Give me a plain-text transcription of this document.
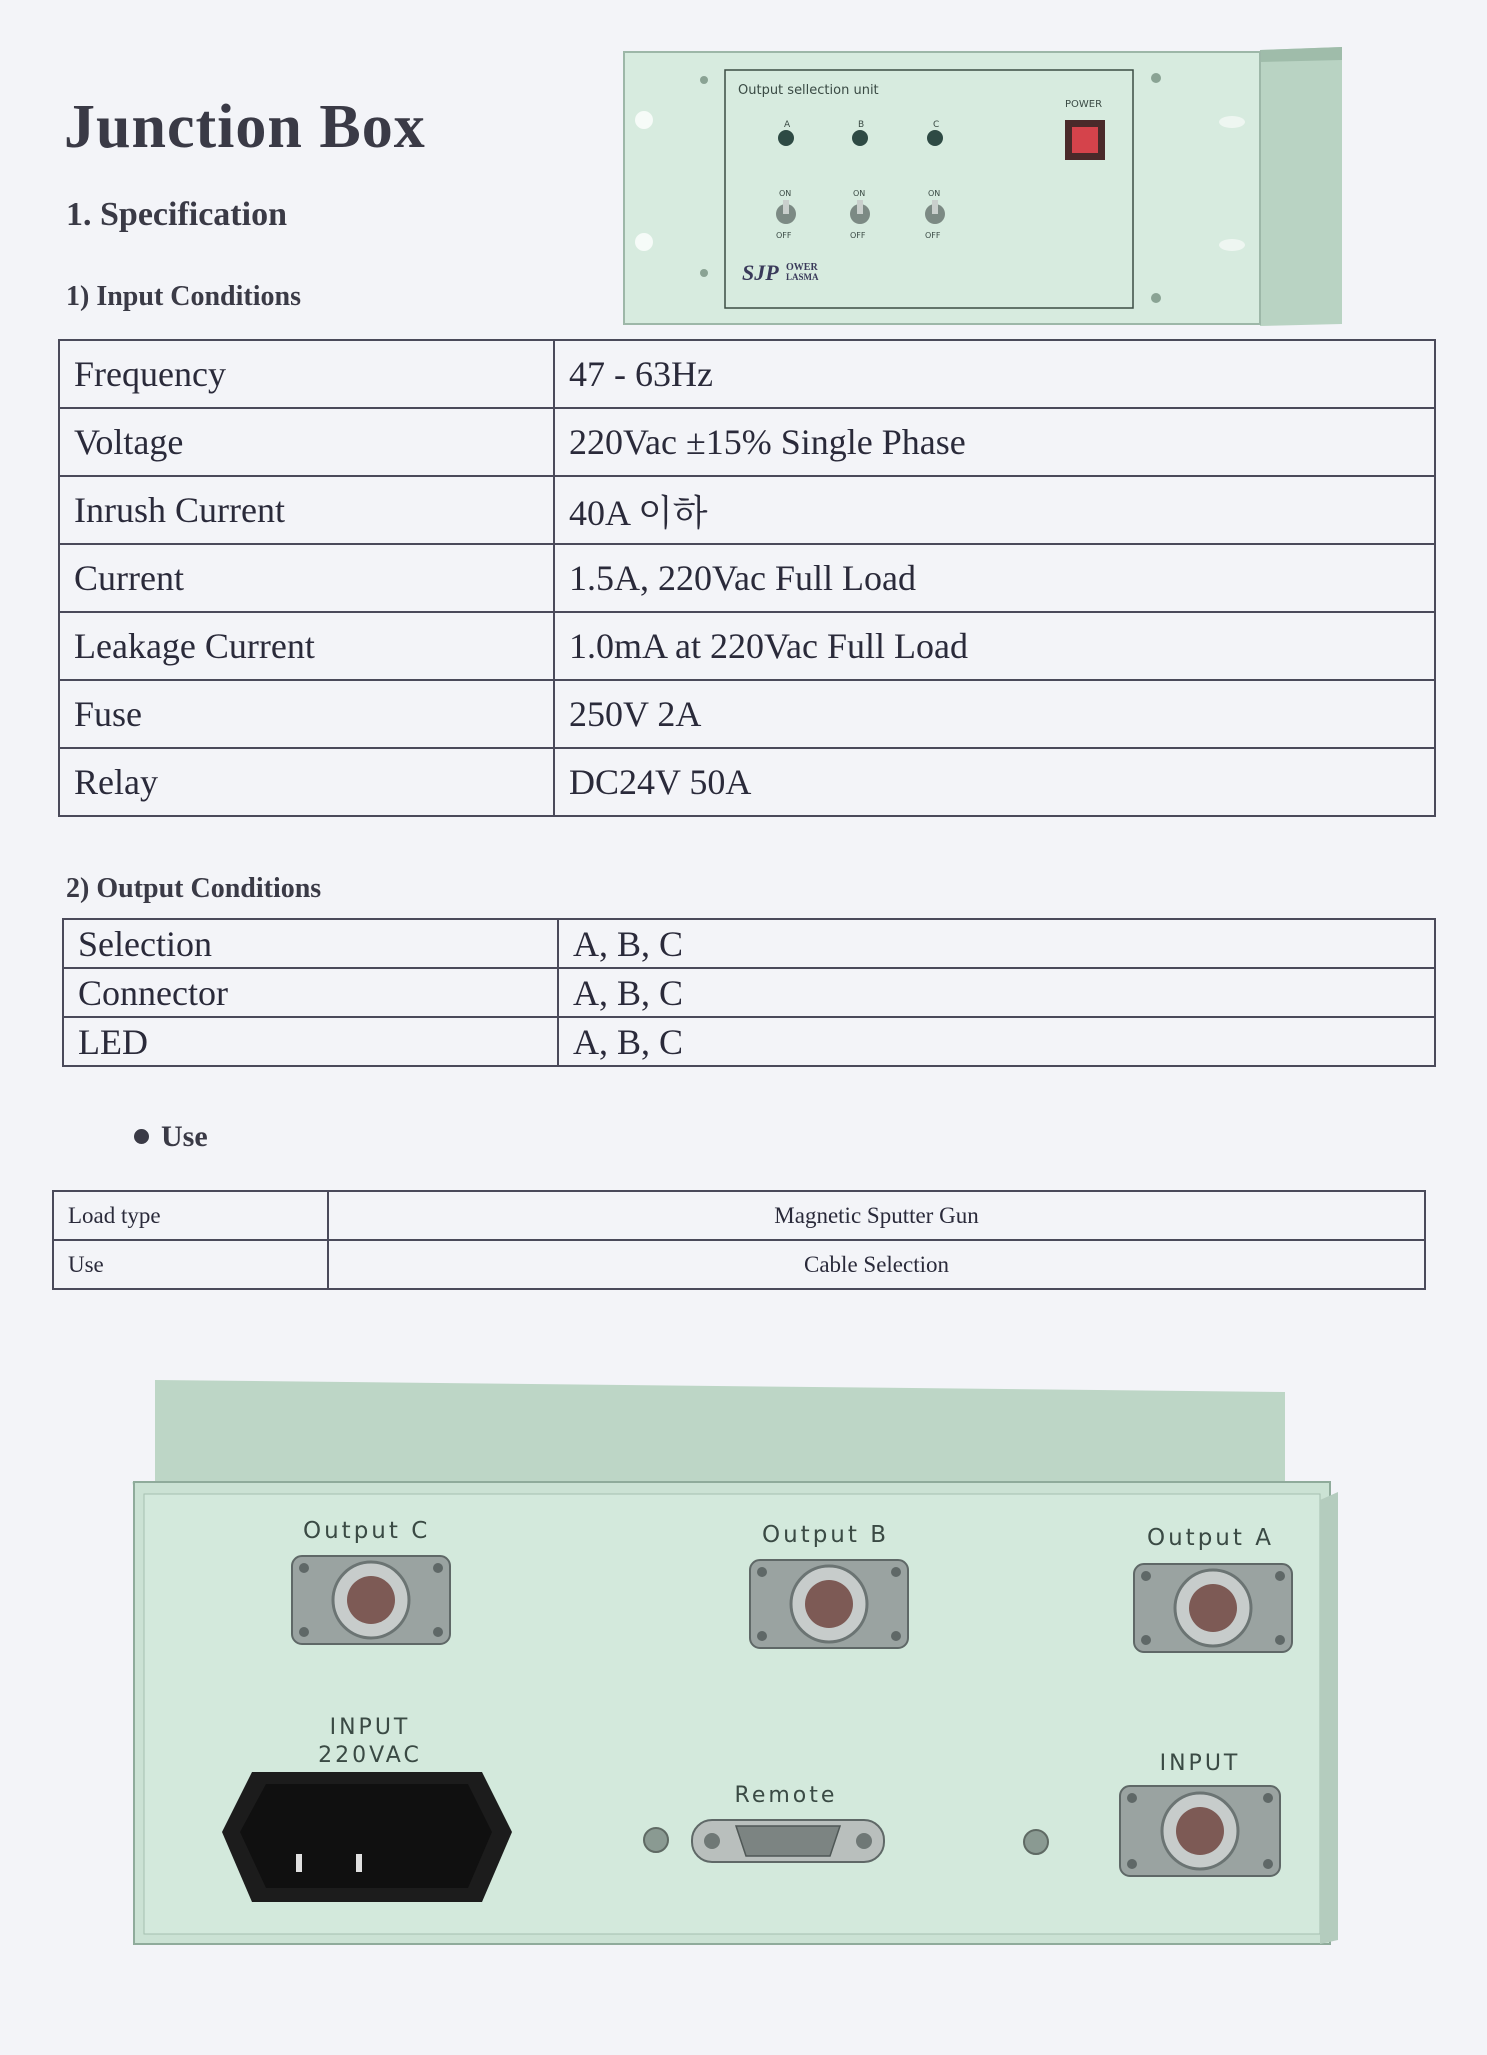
Junction Box
1. Specification
1) Input Conditions
Output sellection unit
POWER
A	B	C
ON	ON	ON
OFF	OFF	OFF
SJP OWER
LASMA
Frequency	47 - 63Hz
Voltage	220Vac ±15% Single Phase
Inrush Current	40A 이하
Current	1.5A, 220Vac Full Load
Leakage Current	1.0mA at 220Vac Full Load
Fuse	250V 2A
Relay	DC24V 50A
2) Output Conditions
Selection	A, B, C
Connector	A, B, C
LED	A, B, C
Use
Load type	Magnetic Sputter Gun
Use	Cable Selection
Output C	Output B	Output A
INPUT
220VAC
Remote
INPUT
